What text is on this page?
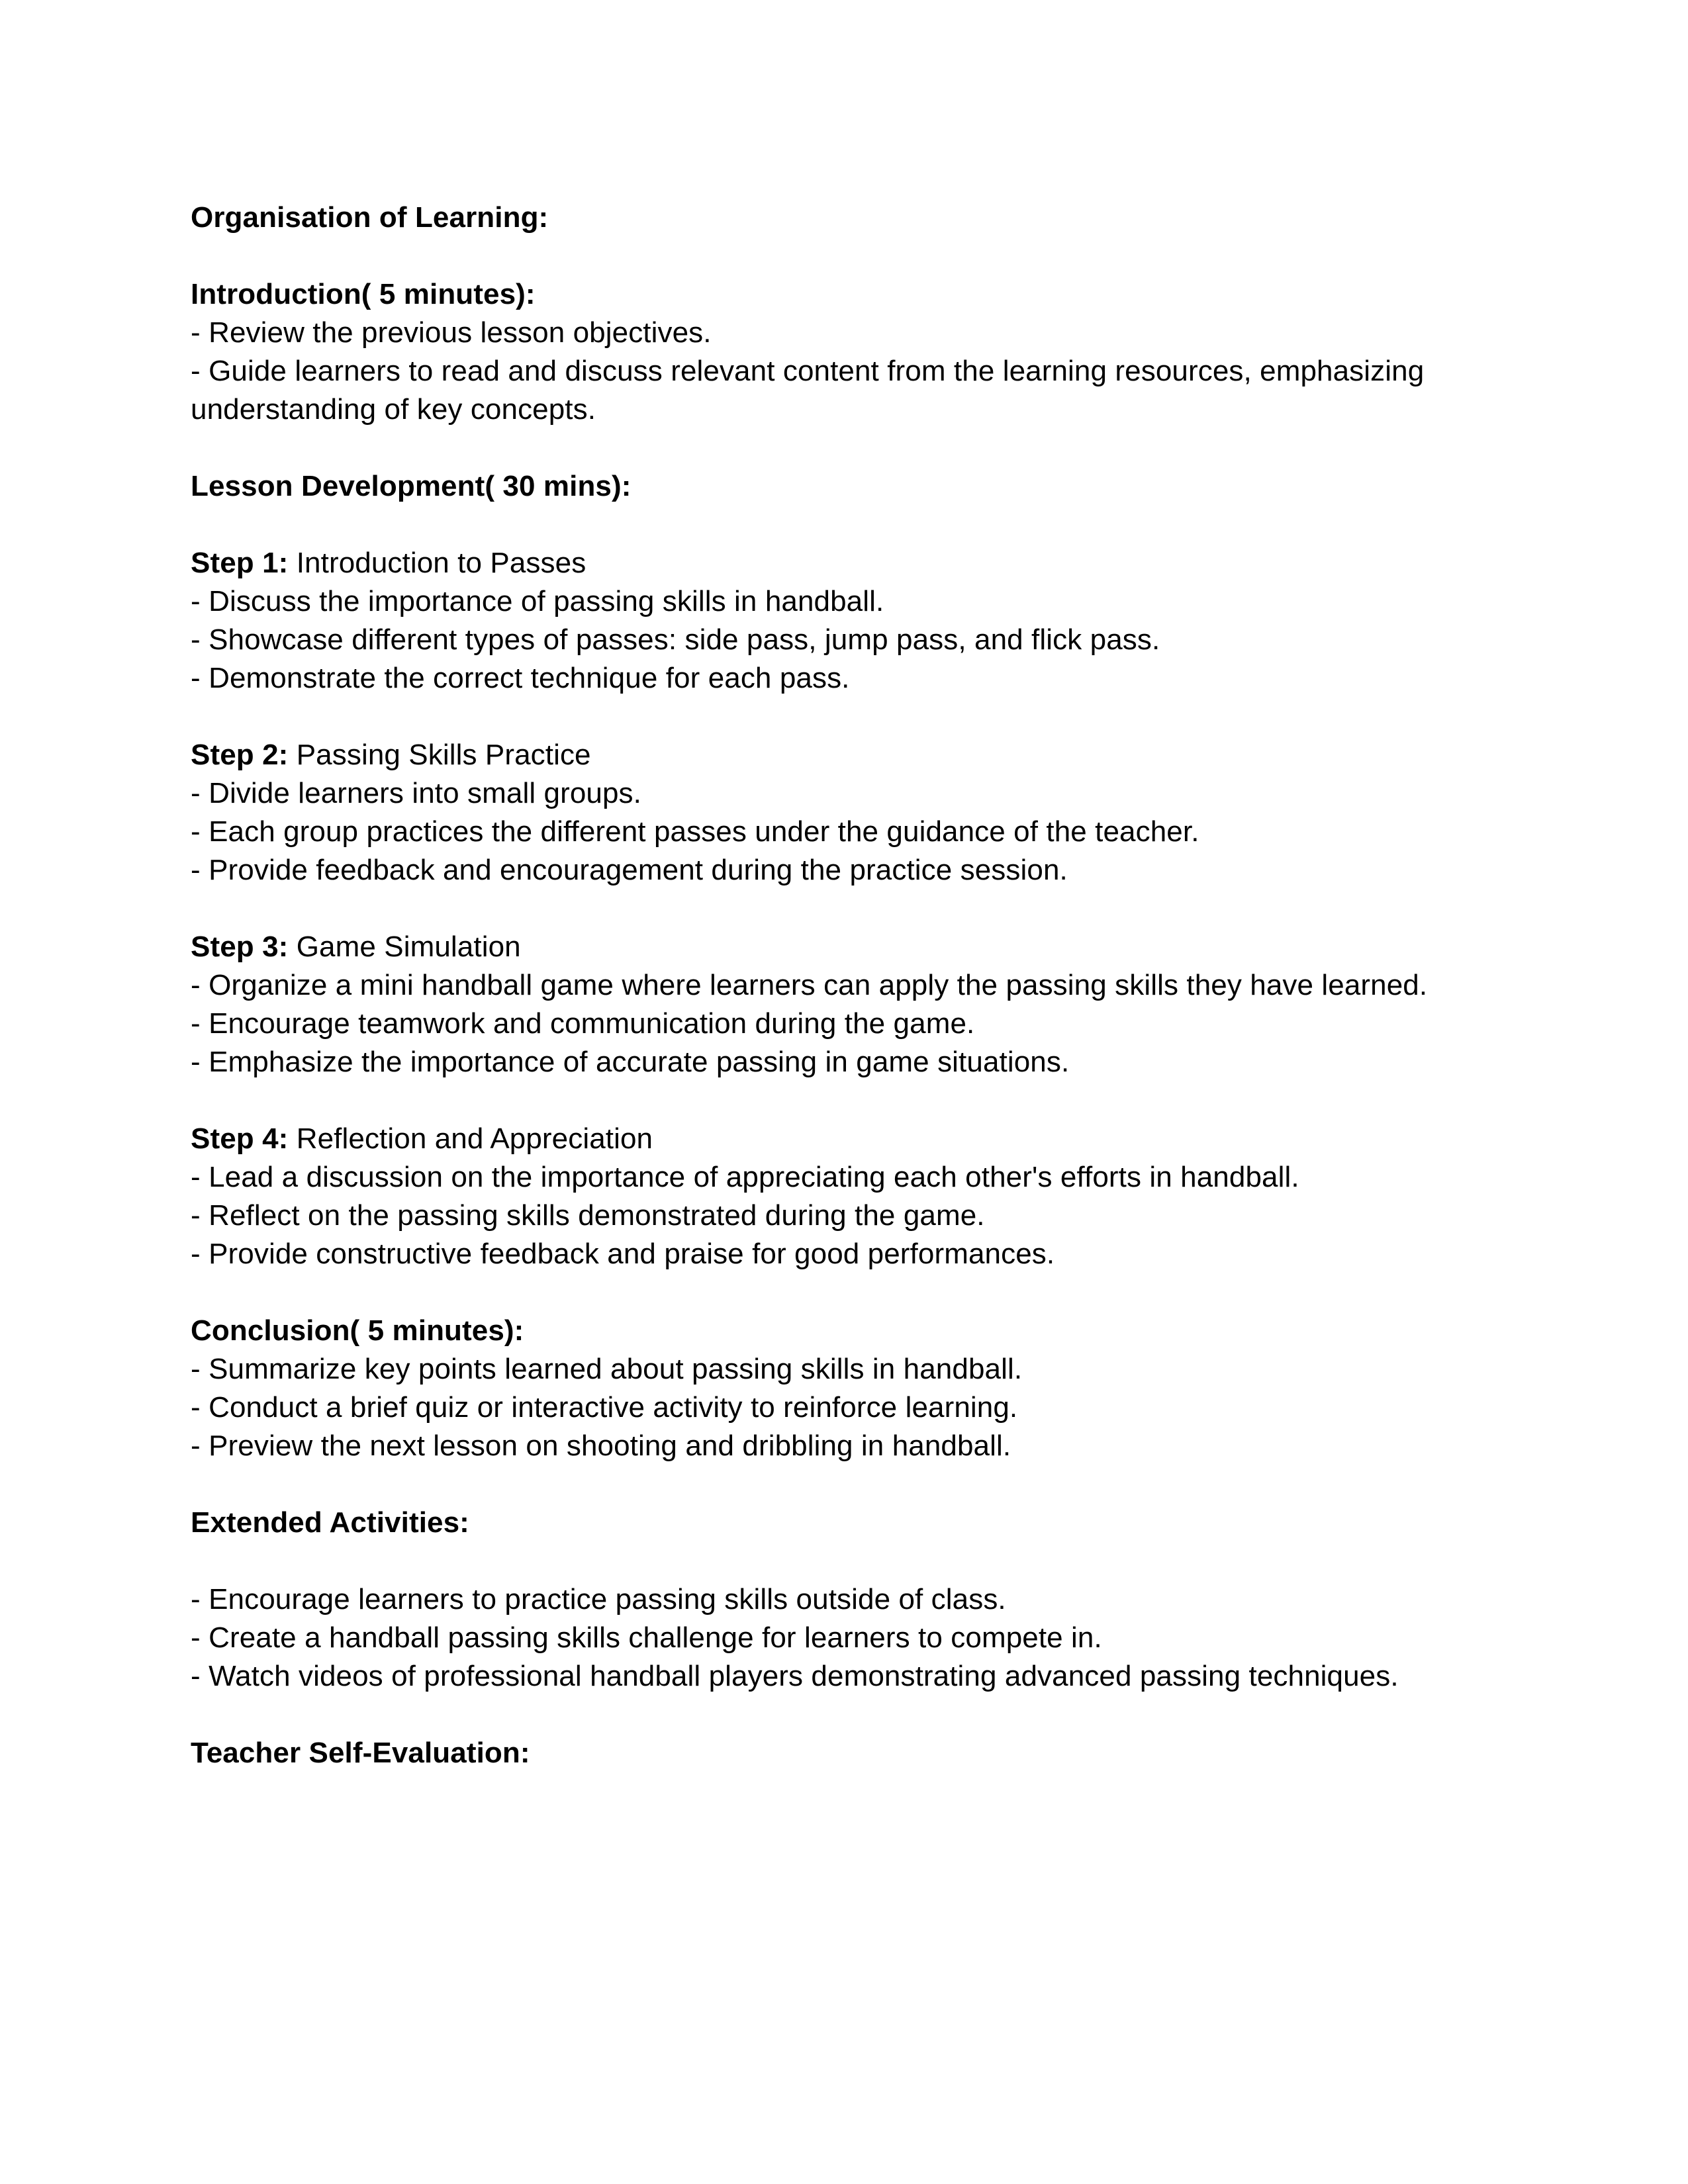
Organisation of Learning:

Introduction( 5 minutes):

- Review the previous lesson objectives.

- Guide learners to read and discuss relevant content from the learning resources, emphasizing understanding of key concepts.

Lesson Development( 30 mins):

Step 1: Introduction to Passes

- Discuss the importance of passing skills in handball.

- Showcase different types of passes: side pass, jump pass, and flick pass.

- Demonstrate the correct technique for each pass.

Step 2: Passing Skills Practice

- Divide learners into small groups.

- Each group practices the different passes under the guidance of the teacher.

- Provide feedback and encouragement during the practice session.

Step 3: Game Simulation

- Organize a mini handball game where learners can apply the passing skills they have learned.

- Encourage teamwork and communication during the game.

- Emphasize the importance of accurate passing in game situations.

Step 4: Reflection and Appreciation

- Lead a discussion on the importance of appreciating each other's efforts in handball.

- Reflect on the passing skills demonstrated during the game.

- Provide constructive feedback and praise for good performances.

Conclusion( 5 minutes):

- Summarize key points learned about passing skills in handball.

- Conduct a brief quiz or interactive activity to reinforce learning.

- Preview the next lesson on shooting and dribbling in handball.

Extended Activities:

- Encourage learners to practice passing skills outside of class.

- Create a handball passing skills challenge for learners to compete in.

- Watch videos of professional handball players demonstrating advanced passing techniques.

Teacher Self-Evaluation:
